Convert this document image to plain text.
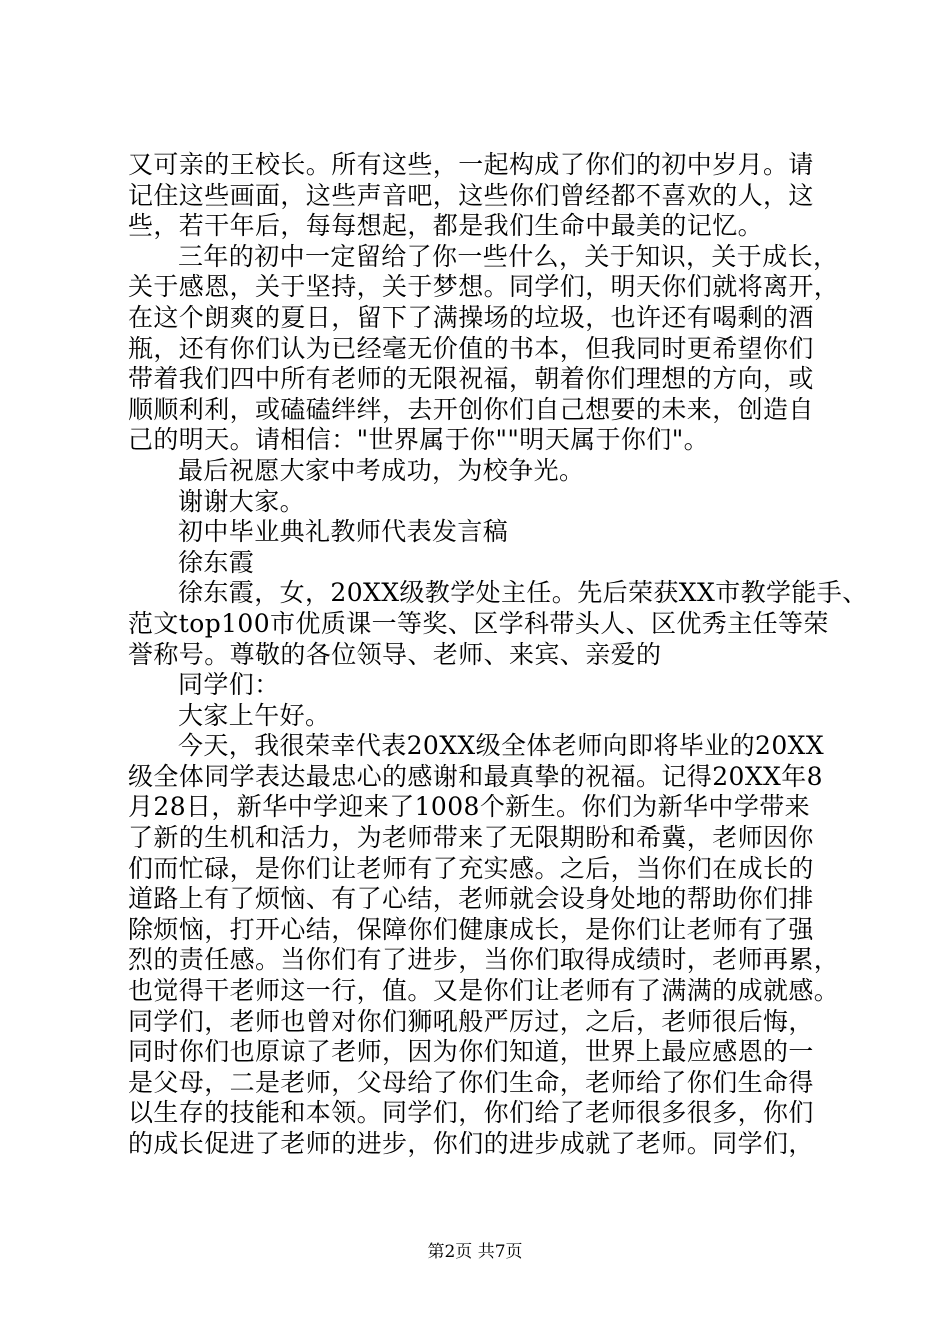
又可亲的王校长。所有这些，一起构成了你们的初中岁月。请
记住这些画面，这些声音吧，这些你们曾经都不喜欢的人，这
些，若干年后，每每想起，都是我们生命中最美的记忆。
三年的初中一定留给了你一些什么，关于知识，关于成长，
关于感恩，关于坚持，关于梦想。同学们，明天你们就将离开，
在这个朗爽的夏日，留下了满操场的垃圾，也许还有喝剩的酒
瓶，还有你们认为已经毫无价值的书本，但我同时更希望你们
带着我们四中所有老师的无限祝福，朝着你们理想的方向，或
顺顺利利，或磕磕绊绊，去开创你们自己想要的未来，创造自
己的明天。请相信："世界属于你""明天属于你们"。
最后祝愿大家中考成功，为校争光。
谢谢大家。
初中毕业典礼教师代表发言稿
徐东霞
徐东霞，女，20XX级教学处主任。先后荣获XX市教学能手、
范文top100市优质课一等奖、区学科带头人、区优秀主任等荣
誉称号。尊敬的各位领导、老师、来宾、亲爱的
同学们：
大家上午好。
今天，我很荣幸代表20XX级全体老师向即将毕业的20XX
级全体同学表达最忠心的感谢和最真挚的祝福。记得20XX年8
月28日，新华中学迎来了1008个新生。你们为新华中学带来
了新的生机和活力，为老师带来了无限期盼和希冀，老师因你
们而忙碌，是你们让老师有了充实感。之后，当你们在成长的
道路上有了烦恼、有了心结，老师就会设身处地的帮助你们排
除烦恼，打开心结，保障你们健康成长，是你们让老师有了强
烈的责任感。当你们有了进步，当你们取得成绩时，老师再累，
也觉得干老师这一行，值。又是你们让老师有了满满的成就感。
同学们，老师也曾对你们狮吼般严厉过，之后，老师很后悔，
同时你们也原谅了老师，因为你们知道，世界上最应感恩的一
是父母，二是老师，父母给了你们生命，老师给了你们生命得
以生存的技能和本领。同学们，你们给了老师很多很多，你们
的成长促进了老师的进步，你们的进步成就了老师。同学们，
第2页 共7页
